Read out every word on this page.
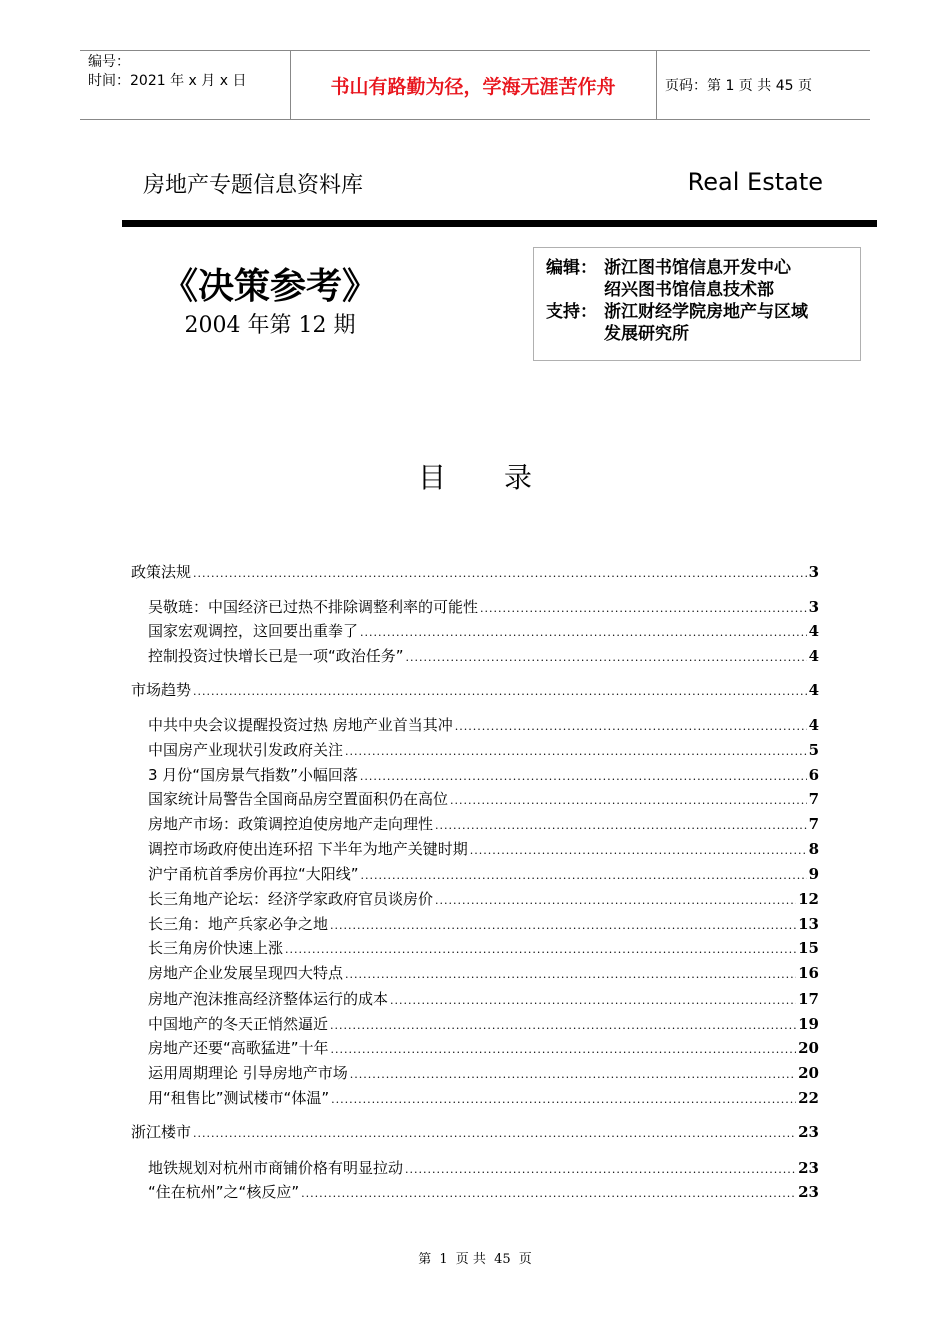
编号：
时间：2021 年 x 月 x 日	书山有路勤为径，学海无涯苦作舟	页码：第 1 页 共 45 页
房地产专题信息资料库	Real Estate
《决策参考》
2004 年第 12 期
编辑： 浙江图书馆信息开发中心
绍兴图书馆信息技术部
支持： 浙江财经学院房地产与区域
发展研究所
目 录
政策法规 .....	3
吴敬琏：中国经济已过热不排除调整利率的可能性 .....	3
国家宏观调控，这回要出重拳了 .....	4
控制投资过快增长已是一项“政治任务” .....	4
市场趋势 .....	4
中共中央会议提醒投资过热 房地产业首当其冲 .....	4
中国房产业现状引发政府关注 .....	5
3 月份“国房景气指数”小幅回落 .....	6
国家统计局警告全国商品房空置面积仍在高位 .....	7
房地产市场：政策调控迫使房地产走向理性 .....	7
调控市场政府使出连环招 下半年为地产关键时期 .....	8
沪宁甬杭首季房价再拉“大阳线” .....	9
长三角地产论坛：经济学家政府官员谈房价 .....	12
长三角：地产兵家必争之地 .....	13
长三角房价快速上涨 .....	15
房地产企业发展呈现四大特点 .....	16
房地产泡沫推高经济整体运行的成本 .....	17
中国地产的冬天正悄然逼近 .....	19
房地产还要“高歌猛进”十年 .....	20
运用周期理论 引导房地产市场 .....	20
用“租售比”测试楼市“体温” .....	22
浙江楼市 .....	23
地铁规划对杭州市商铺价格有明显拉动 .....	23
“住在杭州”之“核反应” .....	23
第 1 页 共 45 页
